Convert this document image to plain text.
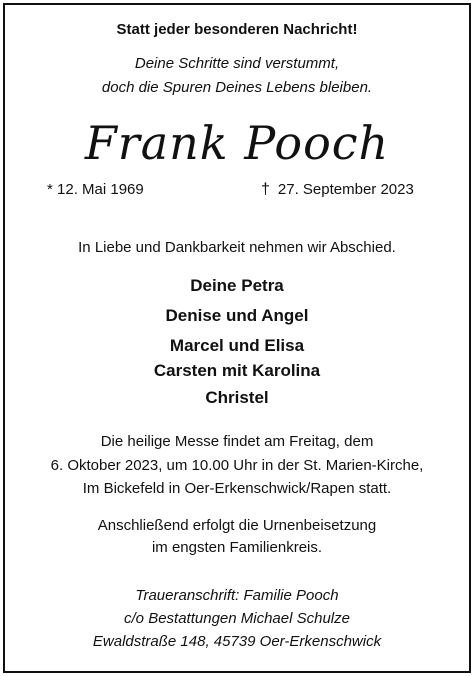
Statt jeder besonderen Nachricht!
Deine Schritte sind verstummt,
doch die Spuren Deines Lebens bleiben.
Frank Pooch
* 12. Mai 1969	† 27. September 2023
In Liebe und Dankbarkeit nehmen wir Abschied.
Deine Petra
Denise und Angel
Marcel und Elisa
Carsten mit Karolina
Christel
Die heilige Messe findet am Freitag, dem
6. Oktober 2023, um 10.00 Uhr in der St. Marien-Kirche,
Im Bickefeld in Oer-Erkenschwick/Rapen statt.
Anschließend erfolgt die Urnenbeisetzung
im engsten Familienkreis.
Traueranschrift: Familie Pooch
c/o Bestattungen Michael Schulze
Ewaldstraße 148, 45739 Oer-Erkenschwick
